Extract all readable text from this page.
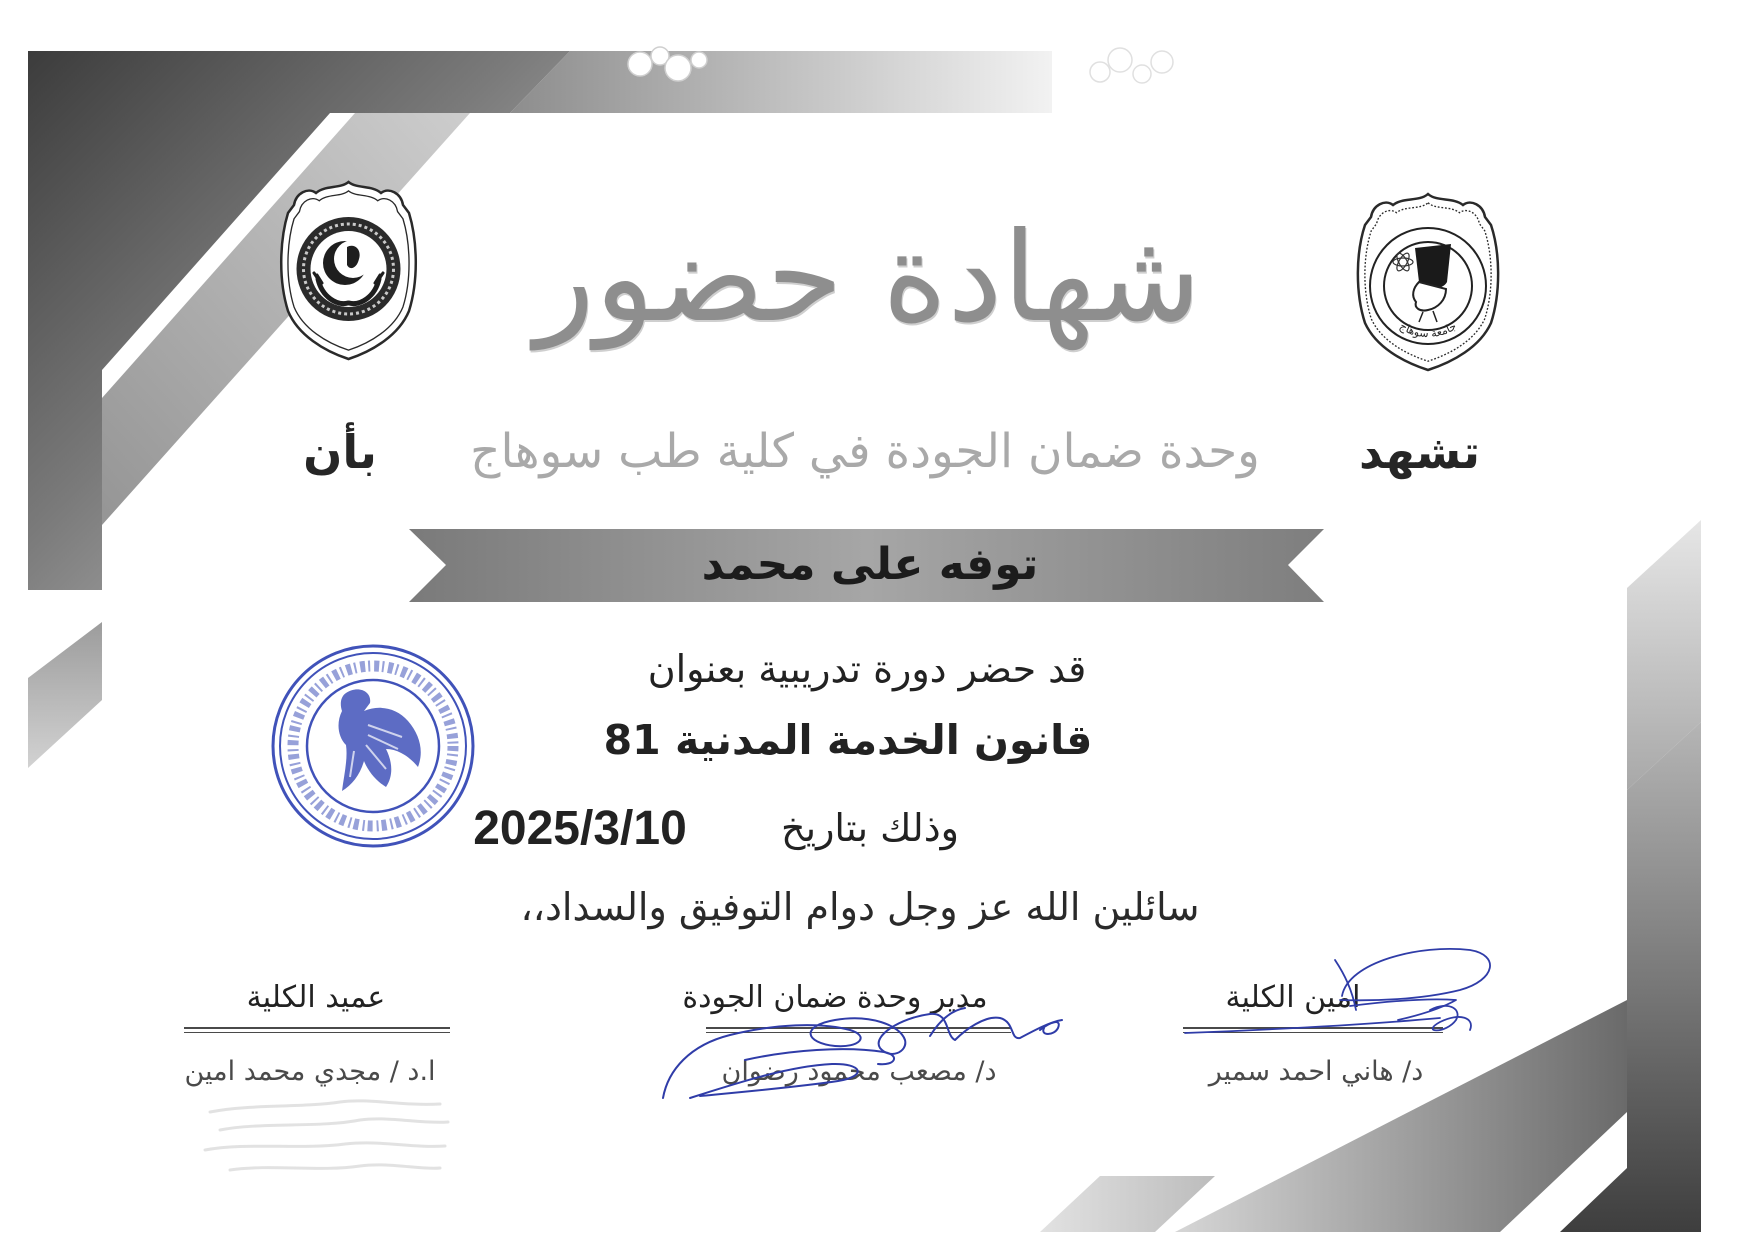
جامعة سوهاج
شهادة حضور
تشهد
وحدة ضمان الجودة في كلية طب سوهاج
بأن
توفه على محمد
قد حضر دورة تدريبية بعنوان
قانون الخدمة المدنية 81
وذلك بتاريخ
2025/3/10
سائلين الله عز وجل دوام التوفيق والسداد،،
عميد الكلية
ا.د / مجدي محمد امين
مدير وحدة ضمان الجودة
د/ مصعب محمود رضوان
امين الكلية
د/ هاني احمد سمير
